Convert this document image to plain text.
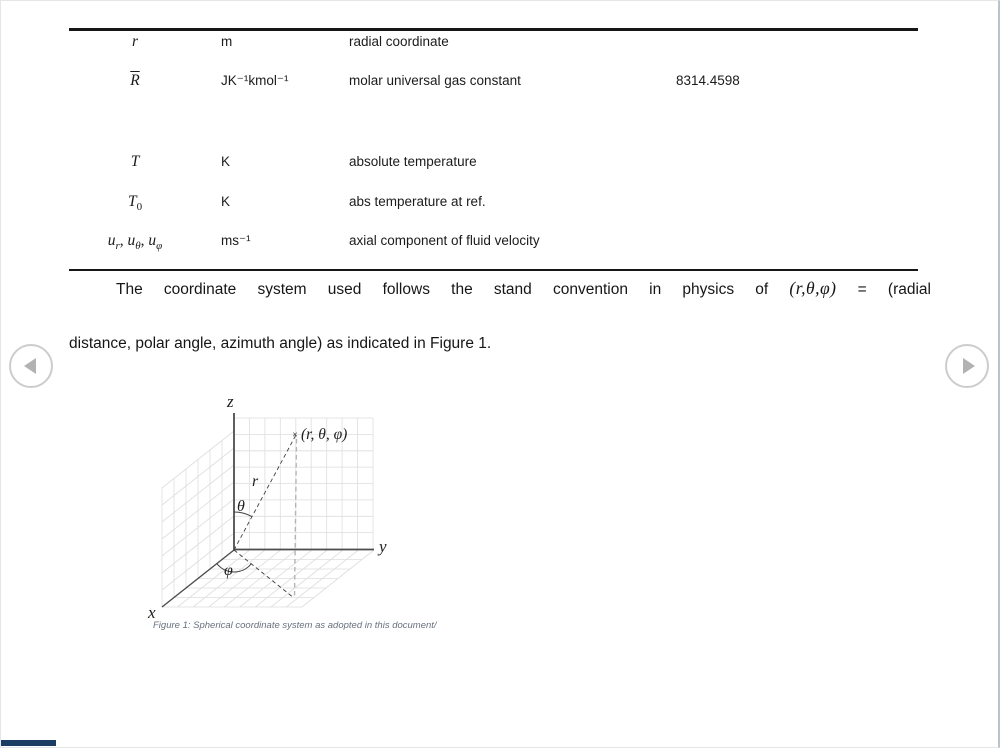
r	m	radial coordinate
$\overline{R}$	JK⁻¹kmol⁻¹	molar universal gas constant	8314.4598
T	K	absolute temperature
$T_0$	K	abs temperature at ref.
$u_r$, $u_\theta$, $u_\varphi$	ms⁻¹	axial component of fluid velocity
The coordinate system used follows the stand convention in physics of (r,θ,φ) = (radial
distance, polar angle, azimuth angle) as indicated in Figure 1.
z
y
x
× (r, θ, φ)
r
θ
φ
Figure 1: Spherical coordinate system as adopted in this document/
